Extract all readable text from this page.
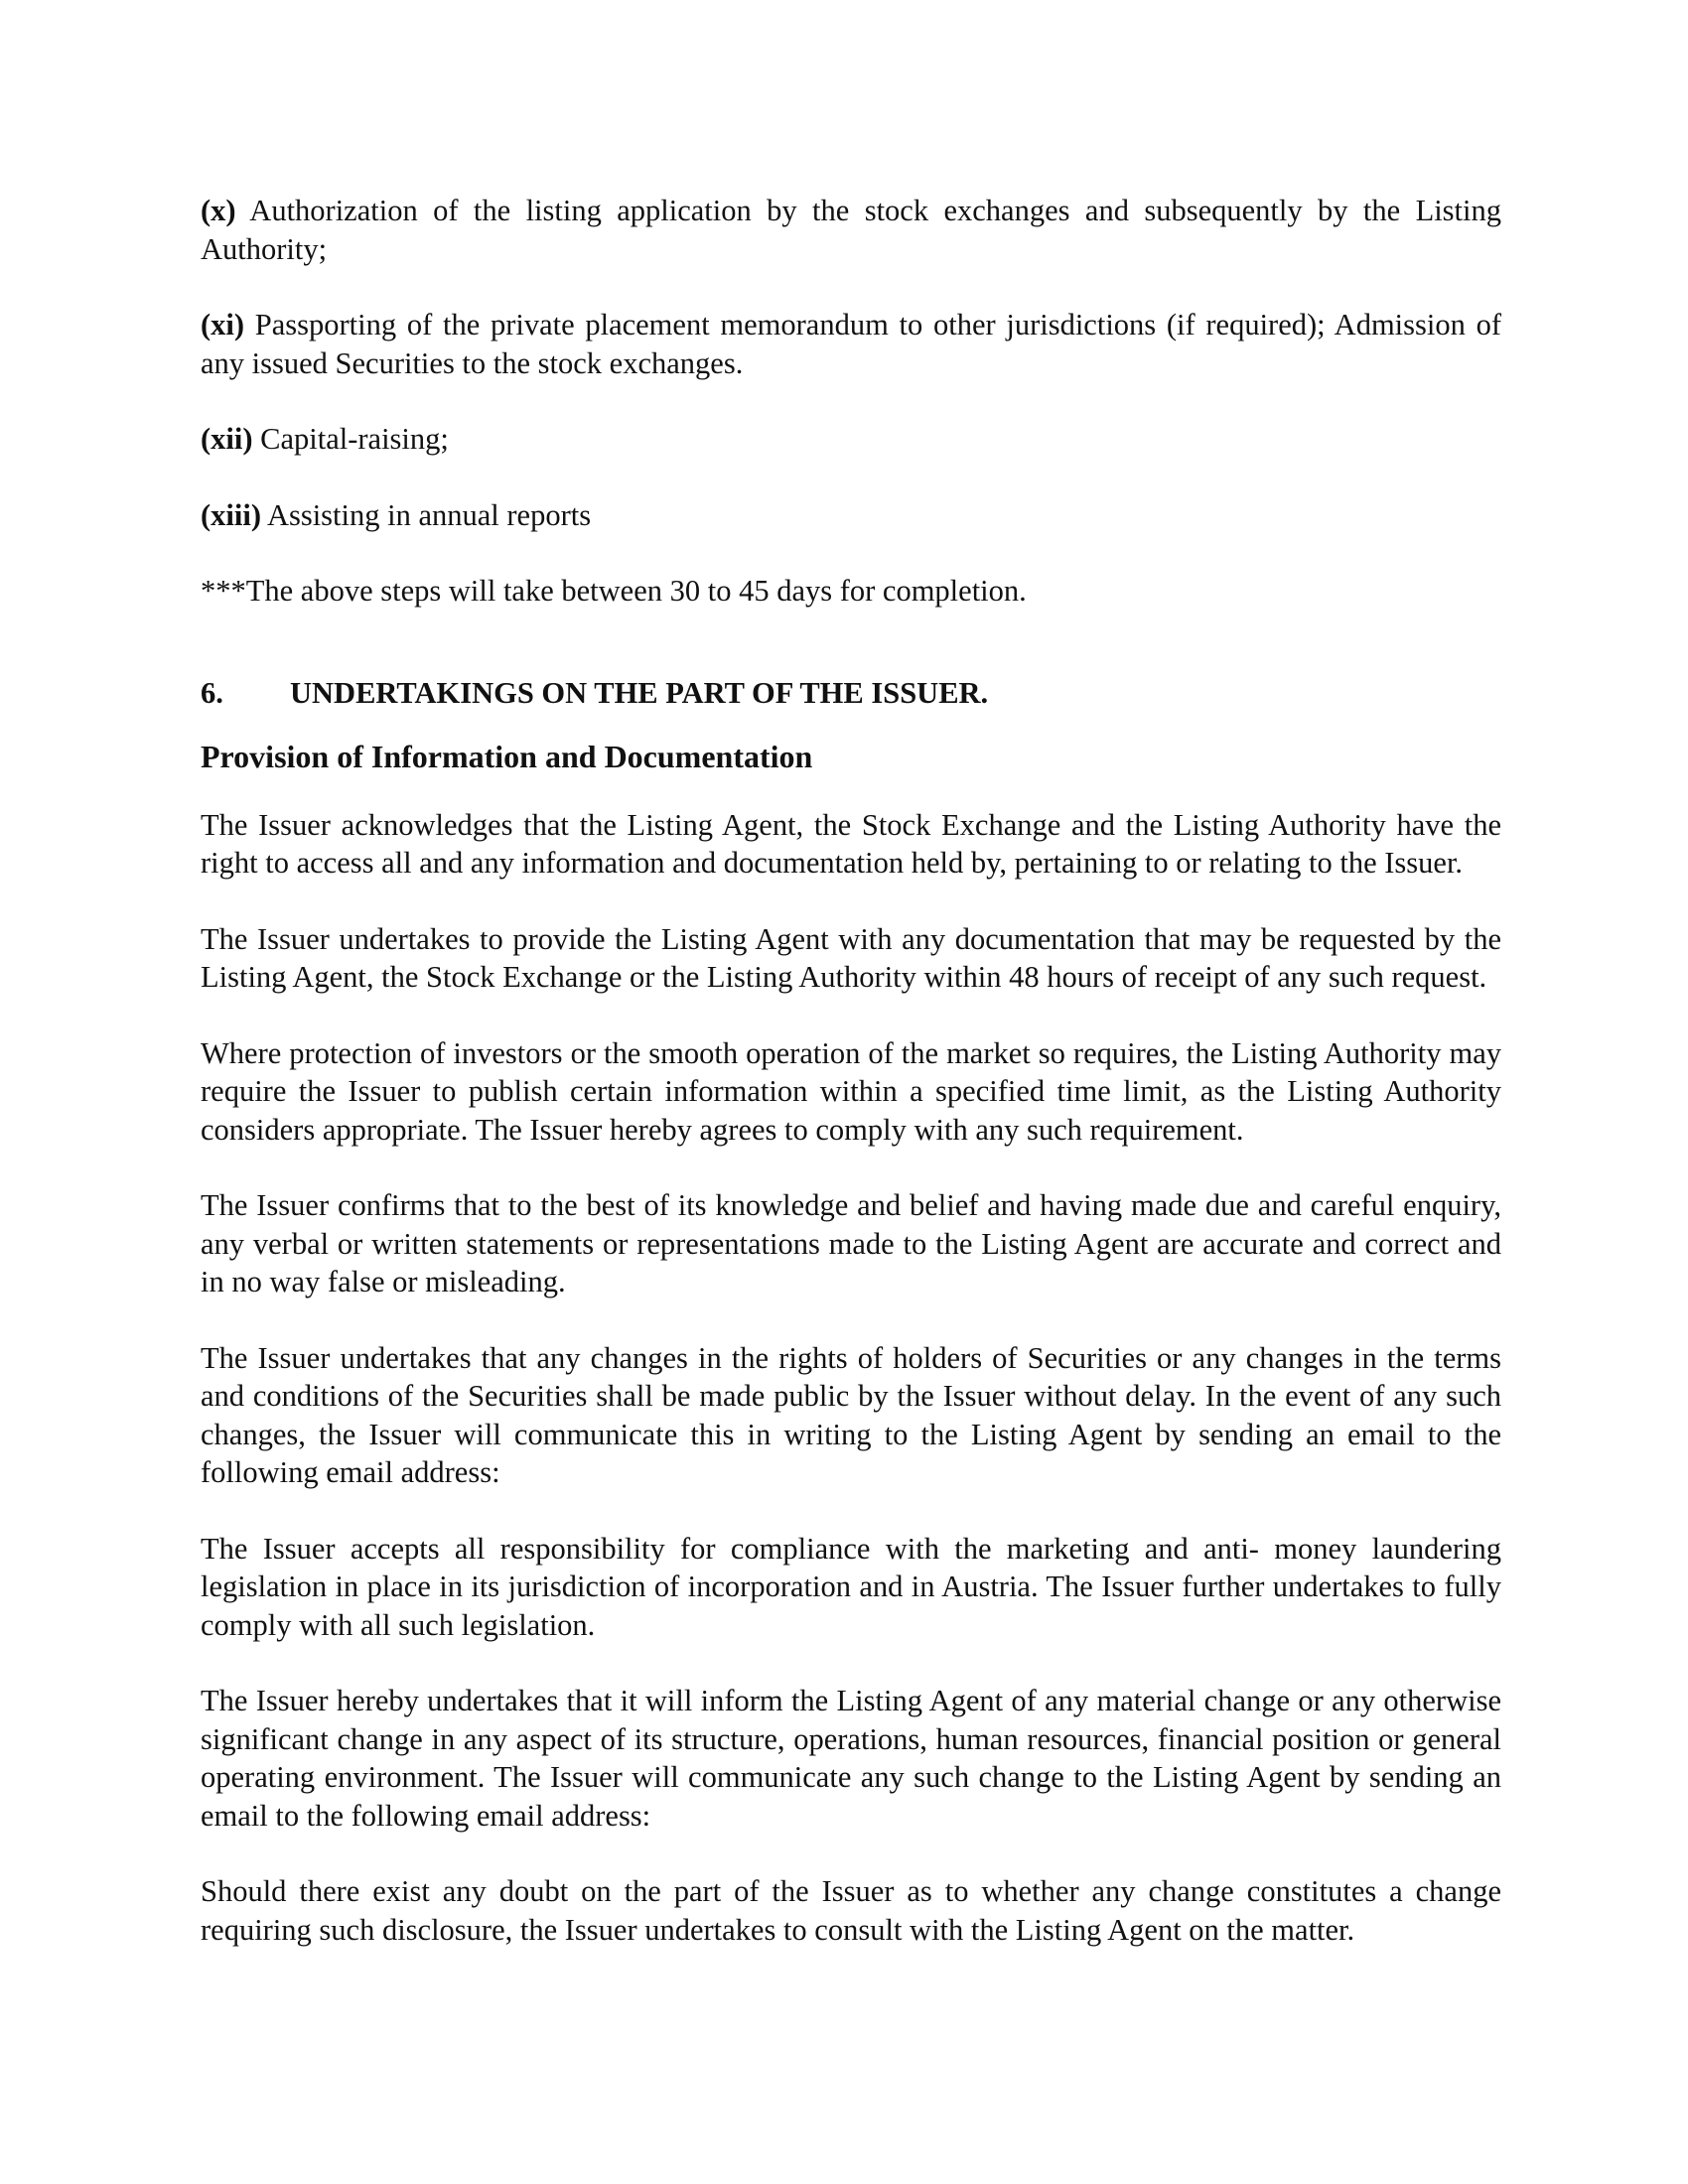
(x) Authorization of the listing application by the stock exchanges and subsequently by the Listing Authority;

(xi) Passporting of the private placement memorandum to other jurisdictions (if required); Admission of any issued Securities to the stock exchanges.

(xii) Capital-raising;

(xiii) Assisting in annual reports

***The above steps will take between 30 to 45 days for completion.

6.	UNDERTAKINGS ON THE PART OF THE ISSUER.
Provision of Information and Documentation

The Issuer acknowledges that the Listing Agent, the Stock Exchange and the Listing Authority have the right to access all and any information and documentation held by, pertaining to or relating to the Issuer.

The Issuer undertakes to provide the Listing Agent with any documentation that may be requested by the Listing Agent, the Stock Exchange or the Listing Authority within 48 hours of receipt of any such request.

Where protection of investors or the smooth operation of the market so requires, the Listing Authority may require the Issuer to publish certain information within a specified time limit, as the Listing Authority considers appropriate. The Issuer hereby agrees to comply with any such requirement.

The Issuer confirms that to the best of its knowledge and belief and having made due and careful enquiry, any verbal or written statements or representations made to the Listing Agent are accurate and correct and in no way false or misleading.

The Issuer undertakes that any changes in the rights of holders of Securities or any changes in the terms and conditions of the Securities shall be made public by the Issuer without delay. In the event of any such changes, the Issuer will communicate this in writing to the Listing Agent by sending an email to the following email address:

The Issuer accepts all responsibility for compliance with the marketing and anti- money laundering legislation in place in its jurisdiction of incorporation and in Austria. The Issuer further undertakes to fully comply with all such legislation.

The Issuer hereby undertakes that it will inform the Listing Agent of any material change or any otherwise significant change in any aspect of its structure, operations, human resources, financial position or general operating environment. The Issuer will communicate any such change to the Listing Agent by sending an email to the following email address:

Should there exist any doubt on the part of the Issuer as to whether any change constitutes a change requiring such disclosure, the Issuer undertakes to consult with the Listing Agent on the matter.
